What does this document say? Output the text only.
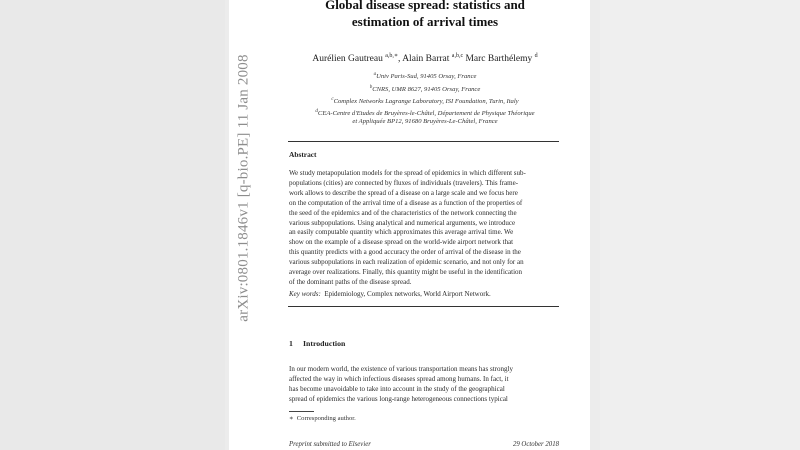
arXiv:0801.1846v1 [q-bio.PE] 11 Jan 2008
Global disease spread: statistics and
estimation of arrival times
Aurélien Gautreau $^{a,b,∗}$, Alain Barrat $^{a,b,c}$ Marc Barthélemy $^d$
$^a$Univ Paris-Sud, 91405 Orsay, France
$^b$CNRS, UMR 8627, 91405 Orsay, France
$^c$Complex Networks Lagrange Laboratory, ISI Foundation, Turin, Italy
$^d$CEA-Centre d'Etudes de Bruyères-le-Châtel, Département de Physique Théorique
et Appliquée BP12, 91680 Bruyères-Le-Châtel, France
Abstract
We study metapopulation models for the spread of epidemics in which different sub-
populations (cities) are connected by fluxes of individuals (travelers). This frame-
work allows to describe the spread of a disease on a large scale and we focus here
on the computation of the arrival time of a disease as a function of the properties of
the seed of the epidemics and of the characteristics of the network connecting the
various subpopulations. Using analytical and numerical arguments, we introduce
an easily computable quantity which approximates this average arrival time. We
show on the example of a disease spread on the world-wide airport network that
this quantity predicts with a good accuracy the order of arrival of the disease in the
various subpopulations in each realization of epidemic scenario, and not only for an
average over realizations. Finally, this quantity might be useful in the identification
of the dominant paths of the disease spread.
Key words: Epidemiology, Complex networks, World Airport Network.
1 Introduction
In our modern world, the existence of various transportation means has strongly
affected the way in which infectious diseases spread among humans. In fact, it
has become unavoidable to take into account in the study of the geographical
spread of epidemics the various long-range heterogeneous connections typical
∗ Corresponding author.
Preprint submitted to Elsevier	29 October 2018
